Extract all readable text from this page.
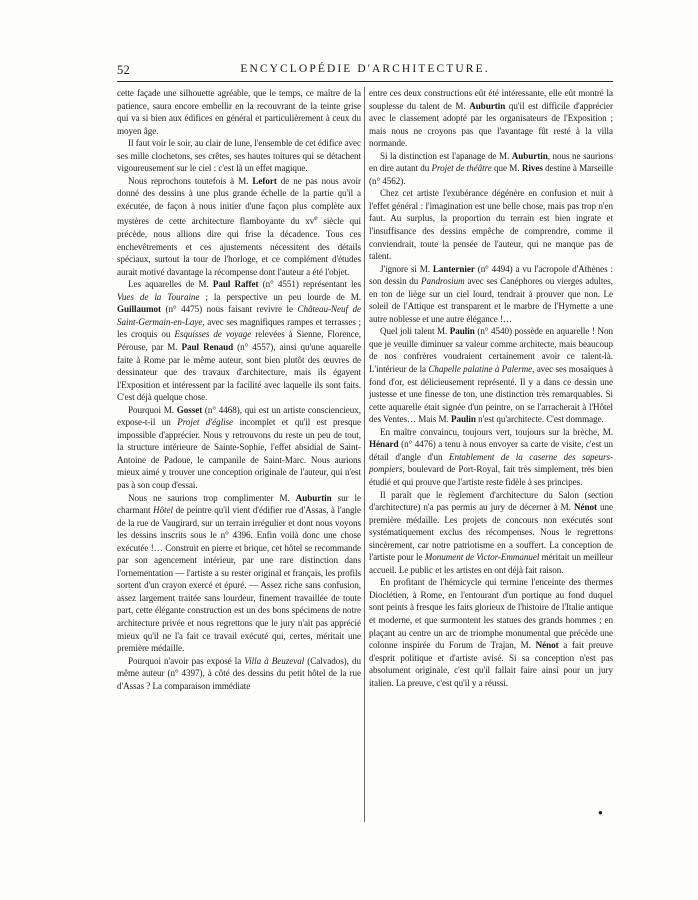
52	ENCYCLOPÉDIE D'ARCHITECTURE.

cette façade une silhouette agréable, que le temps, ce maître de la patience, saura encore embellir en la recouvrant de la teinte grise qui va si bien aux édifices en général et particulièrement à ceux du moyen âge.

Il faut voir le soir, au clair de lune, l'ensemble de cet édifice avec ses mille clochetons, ses crêtes, ses hautes toitures qui se détachent vigoureusement sur le ciel : c'est là un effet magique.

Nous reprochons toutefois à M. Lefort de ne pas nous avoir donné des dessins à une plus grande échelle de la partie qu'il a exécutée, de façon à nous initier d'une façon plus complète aux mystères de cette architecture flamboyante du $xv^e$ siècle qui précède, nous allions dire qui frise la décadence. Tous ces enchevêtrements et ces ajustements nécessitent des détails spéciaux, surtout la tour de l'horloge, et ce complément d'études aurait motivé davantage la récompense dont l'auteur a été l'objet.

Les aquarelles de M. Paul Raffet (n° 4551) représentant les Vues de la Touraine ; la perspective un peu lourde de M. Guillaumot (n° 4475) nous faisant revivre le Château-Neuf de Saint-Germain-en-Laye, avec ses magnifiques rampes et terrasses ; les croquis ou Esquisses de voyage relevées à Sienne, Florence, Pérouse, par M. Paul Renaud (n° 4557), ainsi qu'une aquarelle faite à Rome par le même auteur, sont bien plutôt des œuvres de dessinateur que des travaux d'architecture, mais ils égayent l'Exposition et intéressent par la facilité avec laquelle ils sont faits. C'est déjà quelque chose.

Pourquoi M. Gosset (n° 4468), qui est un artiste consciencieux, expose-t-il un Projet d'église incomplet et qu'il est presque impossible d'apprécier. Nous y retrouvons du reste un peu de tout, la structure intérieure de Sainte-Sophie, l'effet absidial de Saint-Antoine de Padoue, le campanile de Saint-Marc. Nous aurions mieux aimé y trouver une conception originale de l'auteur, qui n'est pas à son coup d'essai.

Nous ne saurions trop complimenter M. Auburtin sur le charmant Hôtel de peintre qu'il vient d'édifier rue d'Assas, à l'angle de la rue de Vaugirard, sur un terrain irrégulier et dont nous voyons les dessins inscrits sous le n° 4396. Enfin voilà donc une chose exécutée !… Construit en pierre et brique, cet hôtel se recommande par son agencement intérieur, par une rare distinction dans l'ornementation — l'artiste a su rester original et français, les profils sortent d'un crayon exercé et épuré. — Assez riche sans confusion, assez largement traitée sans lourdeur, finement travaillée de toute part, cette élégante construction est un des bons spécimens de notre architecture privée et nous regrettons que le jury n'ait pas apprécié mieux qu'il ne l'a fait ce travail exécuté qui, certes, méritait une première médaille.

Pourquoi n'avoir pas exposé la Villa à Beuzeval (Calvados), du même auteur (n° 4397), à côté des dessins du petit hôtel de la rue d'Assas ? La comparaison immédiate

entre ces deux constructions eût été intéressante, elle eût montré la souplesse du talent de M. Auburtin qu'il est difficile d'apprécier avec le classement adopté par les organisateurs de l'Exposition ; mais nous ne croyons pas que l'avantage fût resté à la villa normande.

Si la distinction est l'apanage de M. Auburtin, nous ne saurions en dire autant du Projet de théâtre que M. Rives destine à Marseille (n° 4562).

Chez cet artiste l'exubérance dégénère en confusion et nuit à l'effet général : l'imagination est une belle chose, mais pas trop n'en faut. Au surplus, la proportion du terrain est bien ingrate et l'insuffisance des dessins empêche de comprendre, comme il conviendrait, toute la pensée de l'auteur, qui ne manque pas de talent.

J'ignore si M. Lanternier (n° 4494) a vu l'acropole d'Athènes : son dessin du Pandrosium avec ses Canéphores ou vierges adultes, en ton de liège sur un ciel lourd, tendrait à prouver que non. Le soleil de l'Attique est transparent et le marbre de l'Hymette a une autre noblesse et une autre élégance !…

Quel joli talent M. Paulin (n° 4540) possède en aquarelle ! Non que je veuille diminuer sa valeur comme architecte, mais beaucoup de nos confrères voudraient certainement avoir ce talent-là. L'intérieur de la Chapelle palatine à Palerme, avec ses mosaïques à fond d'or, est délicieusement représenté. Il y a dans ce dessin une justesse et une finesse de ton, une distinction très remarquables. Si cette aquarelle était signée d'un peintre, on se l'arracherait à l'Hôtel des Ventes… Mais M. Paulin n'est qu'architecte. C'est dommage.

En maître convaincu, toujours vert, toujours sur la brèche, M. Hénard (n° 4476) a tenu à nous envoyer sa carte de visite, c'est un détail d'angle d'un Entablement de la caserne des sapeurs-pompiers, boulevard de Port-Royal, fait très simplement, très bien étudié et qui prouve que l'artiste reste fidèle à ses principes.

Il paraît que le règlement d'architecture du Salon (section d'architecture) n'a pas permis au jury de décerner à M. Nénot une première médaille. Les projets de concours non exécutés sont systématiquement exclus des récompenses. Nous le regrettons sincèrement, car notre patriotisme en a souffert. La conception de l'artiste pour le Monument de Victor-Emmanuel méritait un meilleur accueil. Le public et les artistes en ont déjà fait raison.

En profitant de l'hémicycle qui termine l'enceinte des thermes Dioclétien, à Rome, en l'entourant d'un portique au fond duquel sont peints à fresque les faits glorieux de l'histoire de l'Italie antique et moderne, et que surmontent les statues des grands hommes ; en plaçant au centre un arc de triomphe monumental que précède une colonne inspirée du Forum de Trajan, M. Nénot a fait preuve d'esprit politique et d'artiste avisé. Si sa conception n'est pas absolument originale, c'est qu'il fallait faire ainsi pour un jury italien. La preuve, c'est qu'il y a réussi.

●
